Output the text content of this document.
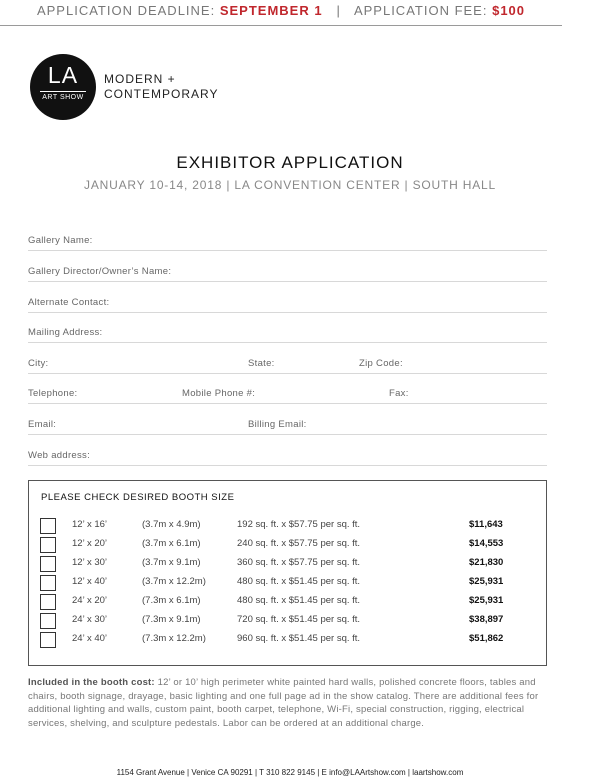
APPLICATION DEADLINE: SEPTEMBER 1 | APPLICATION FEE: $100
LA
ART SHOW
MODERN +
CONTEMPORARY
EXHIBITOR APPLICATION
JANUARY 10-14, 2018 | LA CONVENTION CENTER | SOUTH HALL
Gallery Name:
Gallery Director/Owner’s Name:
Alternate Contact:
Mailing Address:
City:	State:	Zip Code:
Telephone:	Mobile Phone #:	Fax:
Email:	Billing Email:
Web address:
PLEASE CHECK DESIRED BOOTH SIZE
12’ x 16’	(3.7m x 4.9m)	192 sq. ft. x $57.75 per sq. ft.	$11,643
12’ x 20’	(3.7m x 6.1m)	240 sq. ft. x $57.75 per sq. ft.	$14,553
12’ x 30’	(3.7m x 9.1m)	360 sq. ft. x $57.75 per sq. ft.	$21,830
12’ x 40’	(3.7m x 12.2m)	480 sq. ft. x $51.45 per sq. ft.	$25,931
24’ x 20’	(7.3m x 6.1m)	480 sq. ft. x $51.45 per sq. ft.	$25,931
24’ x 30’	(7.3m x 9.1m)	720 sq. ft. x $51.45 per sq. ft.	$38,897
24’ x 40’	(7.3m x 12.2m)	960 sq. ft. x $51.45 per sq. ft.	$51,862
Included in the booth cost: 12’ or 10’ high perimeter white painted hard walls, polished concrete floors, tables and chairs, booth signage, drayage, basic lighting and one full page ad in the show catalog. There are additional fees for additional lighting and walls, custom paint, booth carpet, telephone, Wi-Fi, special construction, rigging, electrical services, shelving, and sculpture pedestals. Labor can be ordered at an additional charge.
1154 Grant Avenue | Venice CA 90291 | T 310 822 9145 | E info@LAArtshow.com | laartshow.com
